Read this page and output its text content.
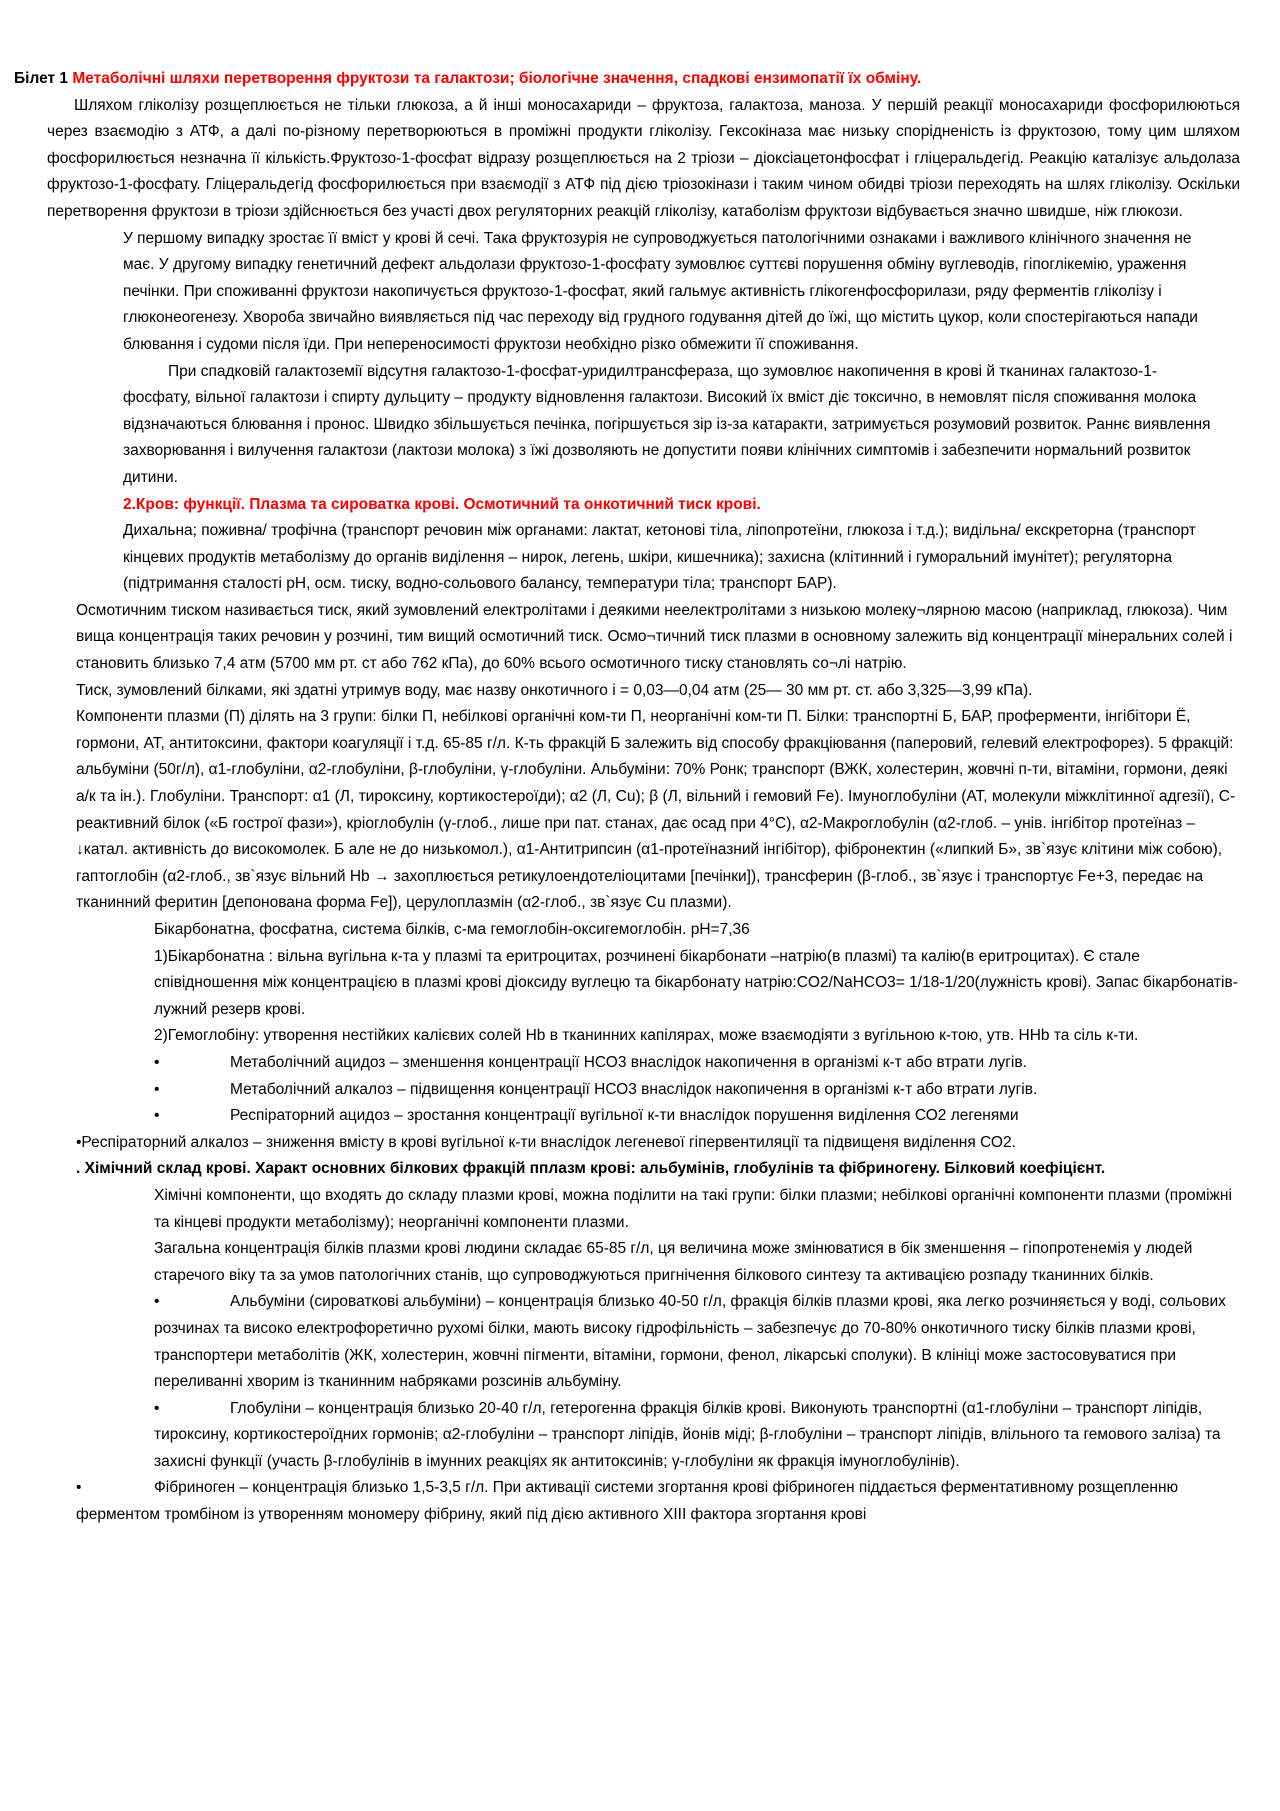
Білет 1 Метаболічні шляхи перетворення фруктози та галактози; біологічне значення, спадкові ензимопатії їх обміну.
Шляхом гліколізу розщеплюється не тільки глюкоза, а й інші моносахариди – фруктоза, галактоза, маноза. У першій реакції моносахариди фосфорилюються через взаємодію з АТФ, а далі по-різному перетворюються в проміжні продукти гліколізу. Гексокіназа має низьку спорідненість із фруктозою, тому цим шляхом фосфорилюється незначна її кількість.Фруктозо-1-фосфат відразу розщеплюється на 2 тріози – діоксіацетонфосфат і гліцеральдегід. Реакцію каталізує альдолаза фруктозо-1-фосфату. Гліцеральдегід фосфорилюється при взаємодії з АТФ під дією тріозокінази і таким чином обидві тріози переходять на шлях гліколізу. Оскільки перетворення фруктози в тріози здійснюється без участі двох регуляторних реакцій гліколізу, катаболізм фруктози відбувається значно швидше, ніж глюкози.
У першому випадку зростає її вміст у крові й сечі. Така фруктозурія не супроводжується патологічними ознаками і важливого клінічного значення не має. У другому випадку генетичний дефект альдолази фруктозо-1-фосфату зумовлює суттєві порушення обміну вуглеводів, гіпоглікемію, ураження печінки. При споживанні фруктози накопичується фруктозо-1-фосфат, який гальмує активність глікогенфосфорилази, ряду ферментів гліколізу і глюконеогенезу. Хвороба звичайно виявляється під час переходу від грудного годування дітей до їжі, що містить цукор, коли спостерігаються напади блювання і судоми після їди. При непереносимості фруктози необхідно різко обмежити її споживання.
При спадковій галактоземії відсутня галактозо-1-фосфат-уридилтрансфераза, що зумовлює накопичення в крові й тканинах галактозо-1-фосфату, вільної галактози і спирту дульциту – продукту відновлення галактози. Високий їх вміст діє токсично, в немовлят після споживання молока відзначаються блювання і пронос. Швидко збільшується печінка, погіршується зір із-за катаракти, затримується розумовий розвиток. Раннє виявлення захворювання і вилучення галактози (лактози молока) з їжі дозволяють не допустити появи клінічних симптомів і забезпечити нормальний розвиток дитини.
2.Кров: функції. Плазма та сироватка крові. Осмотичний та онкотичний тиск крові.
Дихальна; поживна/ трофічна (транспорт речовин між органами: лактат, кетонові тіла, ліпопротеїни, глюкоза і т.д.); видільна/ екскреторна (транспорт кінцевих продуктів метаболізму до органів виділення – нирок, легень, шкіри, кишечника); захисна (клітинний і гуморальний імунітет); регуляторна (підтримання сталості рН, осм. тиску, водно-сольового балансу, температури тіла; транспорт БАР).
Осмотичним тиском називається тиск, який зумовлений електролітами і деякими неелектролітами з низькою молеку¬лярною масою (наприклад, глюкоза). Чим вища концентрація таких речовин у розчині, тим вищий осмотичний тиск. Осмо¬тичний тиск плазми в основному залежить від концентрації мінеральних солей і становить близько 7,4 атм (5700 мм рт. ст або 762 кПа), до 60% всього осмотичного тиску становлять со¬лі натрію.
Тиск, зумовлений білками, які здатні утримув воду, має назву онкотичного і = 0,03—0,04 атм (25— 30 мм рт. ст. або 3,325—3,99 кПа).
Компоненти плазми (П) ділять на 3 групи: білки П, небілкові органічні ком-ти П, неорганічні ком-ти П. Білки: транспортні Б, БАР, проферменти, інгібітори Ё, гормони, АТ, антитоксини, фактори коагуляції і т.д. 65-85 г/л. К-ть фракцій Б залежить від способу фракціювання (паперовий, гелевий електрофорез). 5 фракцій: альбуміни (50г/л), α1-глобуліни, α2-глобуліни, β-глобуліни, γ-глобуліни. Альбуміни: 70% Ронк; транспорт (ВЖК, холестерин, жовчні п-ти, вітаміни, гормони, деякі а/к та ін.). Глобуліни. Транспорт: α1 (Л, тироксину, кортикостероїди); α2 (Л, Cu); β (Л, вільний і гемовий Fe). Імуноглобуліни (АТ, молекули міжклітинної адгезії), С-реактивний білок («Б гострої фази»), кріоглобулін (γ-глоб., лише при пат. станах, дає осад при 4°С), α2-Макроглобулін (α2-глоб. – унів. інгібітор протеїназ – ↓катал. активність до високомолек. Б але не до низькомол.), α1-Антитрипсин (α1-протеїназний інгібітор), фібронектин («липкий Б», зв`язує клітини між собою), гаптоглобін (α2-глоб., зв`язує вільний Hb → захоплюється ретикулоендотеліоцитами [печінки]), трансферин (β-глоб., зв`язує і транспортує Fe+3, передає на тканинний феритин [депонована форма Fe]), церулоплазмін (α2-глоб., зв`язує Cu плазми).
Бікарбонатна, фосфатна, система білків, с-ма гемоглобін-оксигемоглобін. рН=7,36
1)Бікарбонатна : вільна вугільна к-та у плазмі та еритроцитах, розчинені бікарбонати –натрію(в плазмі) та калію(в еритроцитах). Є стале співідношення між концентрацією в плазмі крові діоксиду вуглецю та бікарбонату натрію:CO2/NaHCO3= 1/18-1/20(лужність крові). Запас бікарбонатів- лужний резерв крові.
2)Гемоглобіну: утворення нестійких калієвих солей Hb в тканинних капілярах, може взаємодіяти з вугільною к-тою, утв. HHb та сіль к-ти.
•	Метаболічний ацидоз – зменшення концентрації НСО3 внаслідок накопичення в організмі к-т або втрати лугів.
•	Метаболічний алкалоз – підвищення концентрації НСО3 внаслідок накопичення в організмі к-т або втрати лугів.
•	Респіраторний ацидоз – зростання концентрації вугільної к-ти внаслідок порушення виділення СО2 легенями
•Респіраторний алкалоз – зниження вмісту в крові вугільної к-ти внаслідок легеневої гіпервентиляції та підвищеня виділення СО2.
. Хімічний склад крові. Характ основних білкових фракцій пплазм крові: альбумінів, глобулінів та фібриногену. Білковий коефіцієнт.
Хімічні компоненти, що входять до складу плазми крові, можна поділити на такі групи: білки плазми; небілкові органічні компоненти плазми (проміжні та кінцеві продукти метаболізму); неорганічні компоненти плазми.
Загальна концентрація білків плазми крові людини складає 65-85 г/л, ця величина може змінюватися в бік зменшення – гіпопротенемія у людей старечого віку та за умов патологічних станів, що супроводжуються пригнічення білкового синтезу та активацією розпаду тканинних білків.
•	Альбуміни (сироваткові альбуміни) – концентрація близько 40-50 г/л, фракція білків плазми крові, яка легко розчиняється у воді, сольових розчинах та високо електрофоретично рухомі білки, мають високу гідрофільність – забезпечує до 70-80% онкотичного тиску білків плазми крові, транспортери метаболітів (ЖК, холестерин, жовчні пігменти, вітаміни, гормони, фенол, лікарські сполуки). В клініці може застосовуватися при переливанні хворим із тканинним набряками розсинів альбуміну.
•	Глобуліни – концентрація близько 20-40 г/л, гетерогенна фракція білків крові. Виконують транспортні (α1-глобуліни – транспорт ліпідів, тироксину, кортикостероїдних гормонів; α2-глобуліни – транспорт ліпідів, йонів міді; β-глобуліни – транспорт ліпідів, влільного та гемового заліза) та захисні функції (участь β-глобулінів в імунних реакціях як антитоксинів; γ-глобуліни як фракція імуноглобулінів).
•	Фібриноген – концентрація близько 1,5-3,5 г/л. При активації системи згортання крові фібриноген піддається ферментативному розщепленню ферментом тромбіном із утворенням мономеру фібрину, який під дією активного XIII фактора згортання крові
